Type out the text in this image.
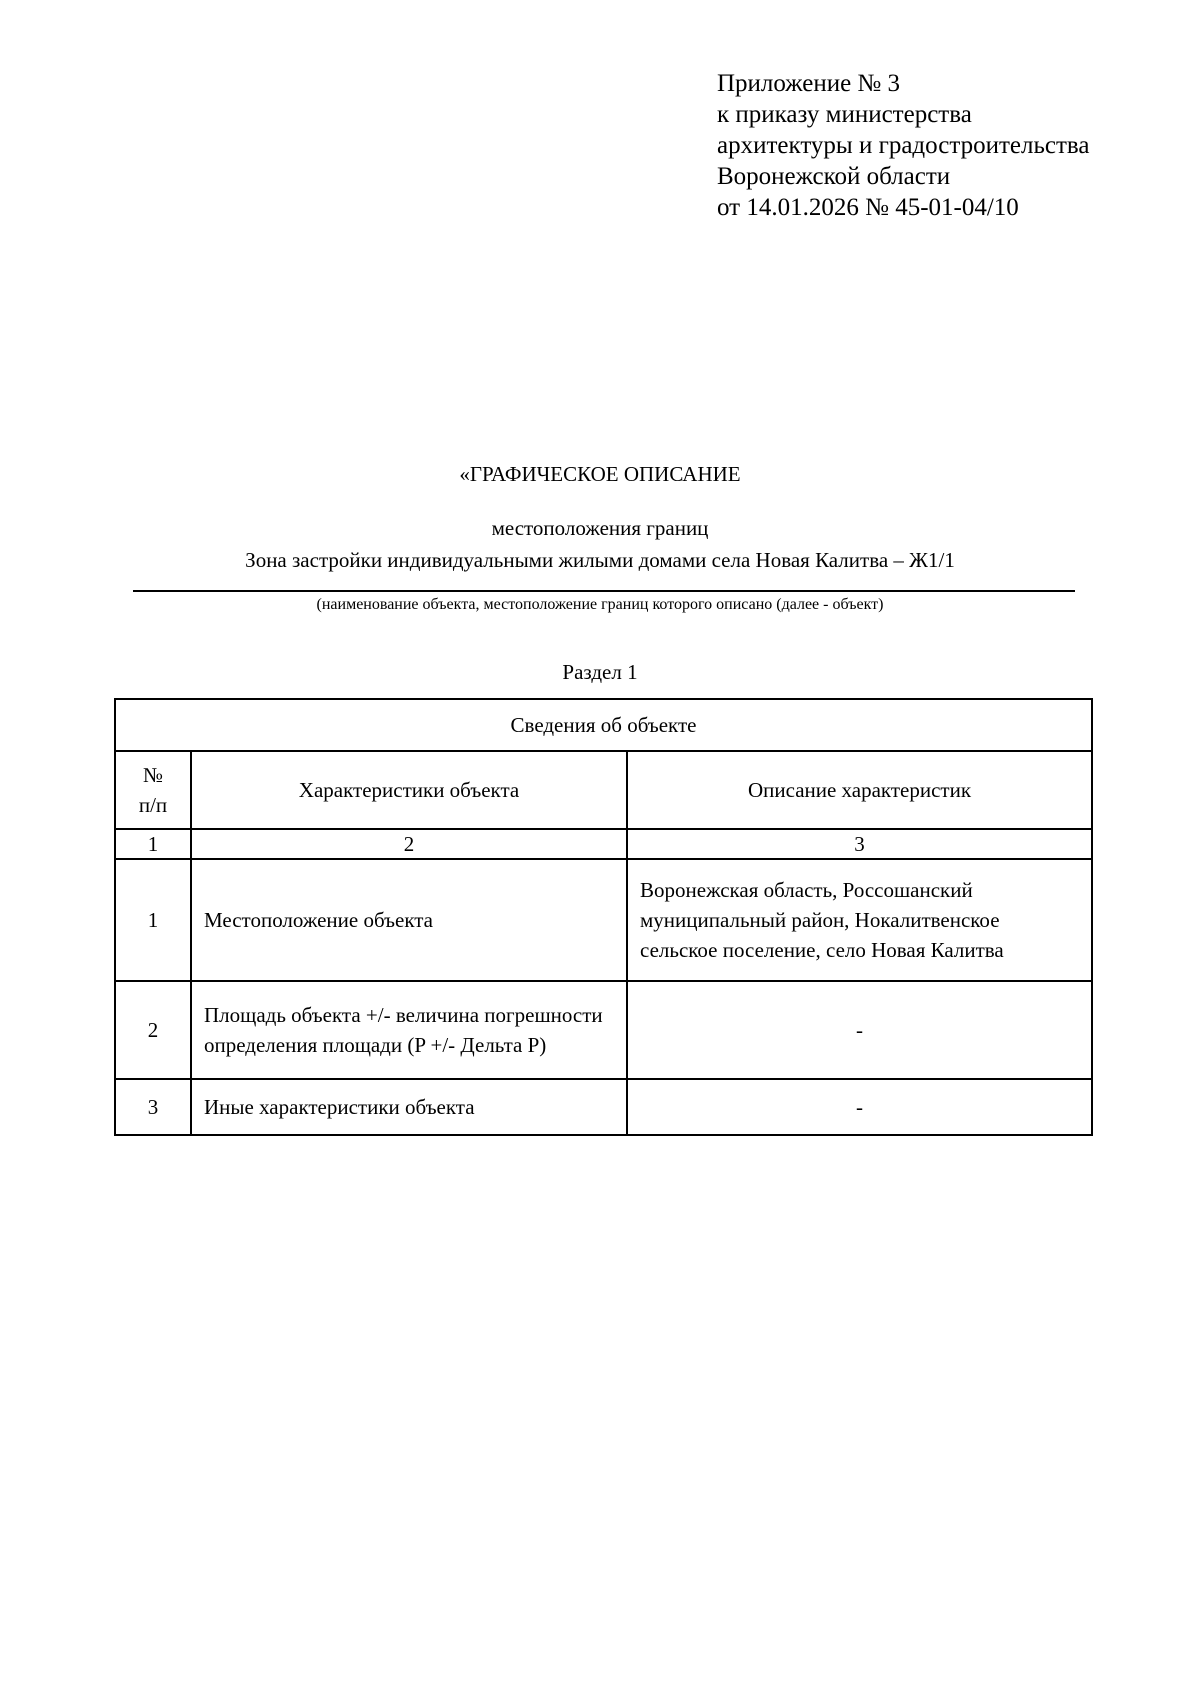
Приложение № 3
к приказу министерства
архитектуры и градостроительства
Воронежской области
от 14.01.2026 № 45-01-04/10
«ГРАФИЧЕСКОЕ ОПИСАНИЕ
местоположения границ
Зона застройки индивидуальными жилыми домами села Новая Калитва – Ж1/1
(наименование объекта, местоположение границ которого описано (далее - объект)
Раздел 1
Сведения об объекте		
№ п/п	Характеристики объекта	Описание характеристик
1	2	3
1	Местоположение объекта	Воронежская область, Россошанский муниципальный район, Нокалитвенское сельское поселение, село Новая Калитва
2	Площадь объекта +/- величина погрешности определения площади (P +/- Дельта P)	-
3	Иные характеристики объекта	-
